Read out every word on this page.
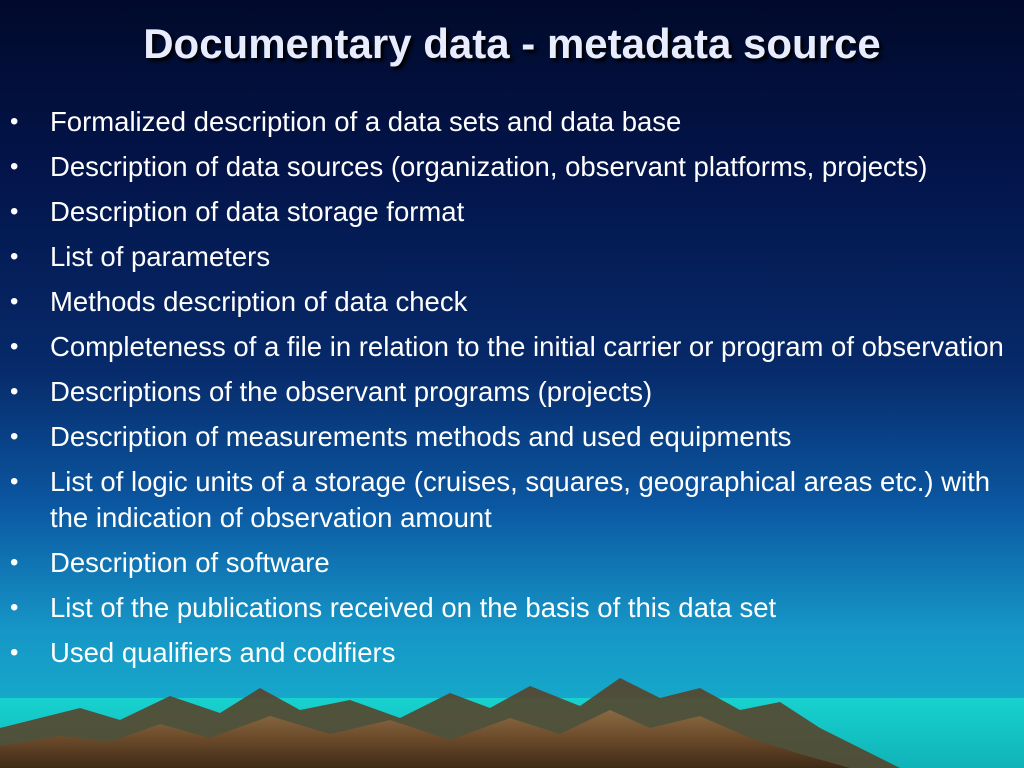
Documentary data - metadata source
• Formalized description of a data sets and data base
• Description of data sources (organization, observant platforms, projects)
• Description of data storage format
• List of parameters
• Methods description of data check
• Completeness of a file in relation to the initial carrier or program of observation
• Descriptions of the observant programs (projects)
• Description of measurements methods and used equipments
• List of logic units of a storage (cruises, squares, geographical areas etc.) with the indication of observation amount
• Description of software
• List of the publications received on the basis of this data set
• Used qualifiers and codifiers
